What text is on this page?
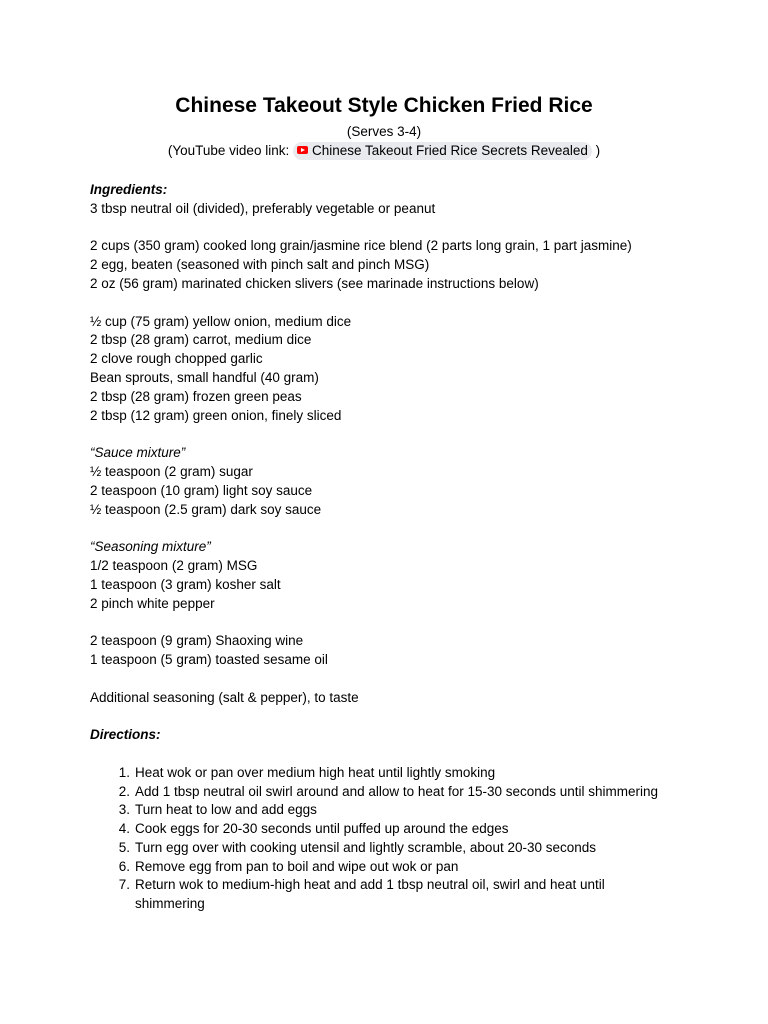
Chinese Takeout Style Chicken Fried Rice
(Serves 3-4)
(YouTube video link: Chinese Takeout Fried Rice Secrets Revealed )
Ingredients:
3 tbsp neutral oil (divided), preferably vegetable or peanut
2 cups (350 gram) cooked long grain/jasmine rice blend (2 parts long grain, 1 part jasmine)
2 egg, beaten (seasoned with pinch salt and pinch MSG)
2 oz (56 gram) marinated chicken slivers (see marinade instructions below)
½ cup (75 gram) yellow onion, medium dice
2 tbsp (28 gram) carrot, medium dice
2 clove rough chopped garlic
Bean sprouts, small handful (40 gram)
2 tbsp (28 gram) frozen green peas
2 tbsp (12 gram) green onion, finely sliced
“Sauce mixture”
½ teaspoon (2 gram) sugar
2 teaspoon (10 gram) light soy sauce
½ teaspoon (2.5 gram) dark soy sauce
“Seasoning mixture”
1/2 teaspoon (2 gram) MSG
1 teaspoon (3 gram) kosher salt
2 pinch white pepper
2 teaspoon (9 gram) Shaoxing wine
1 teaspoon (5 gram) toasted sesame oil
Additional seasoning (salt & pepper), to taste
Directions:
1. Heat wok or pan over medium high heat until lightly smoking
2. Add 1 tbsp neutral oil swirl around and allow to heat for 15-30 seconds until shimmering
3. Turn heat to low and add eggs
4. Cook eggs for 20-30 seconds until puffed up around the edges
5. Turn egg over with cooking utensil and lightly scramble, about 20-30 seconds
6. Remove egg from pan to boil and wipe out wok or pan
7. Return wok to medium-high heat and add 1 tbsp neutral oil, swirl and heat until shimmering
